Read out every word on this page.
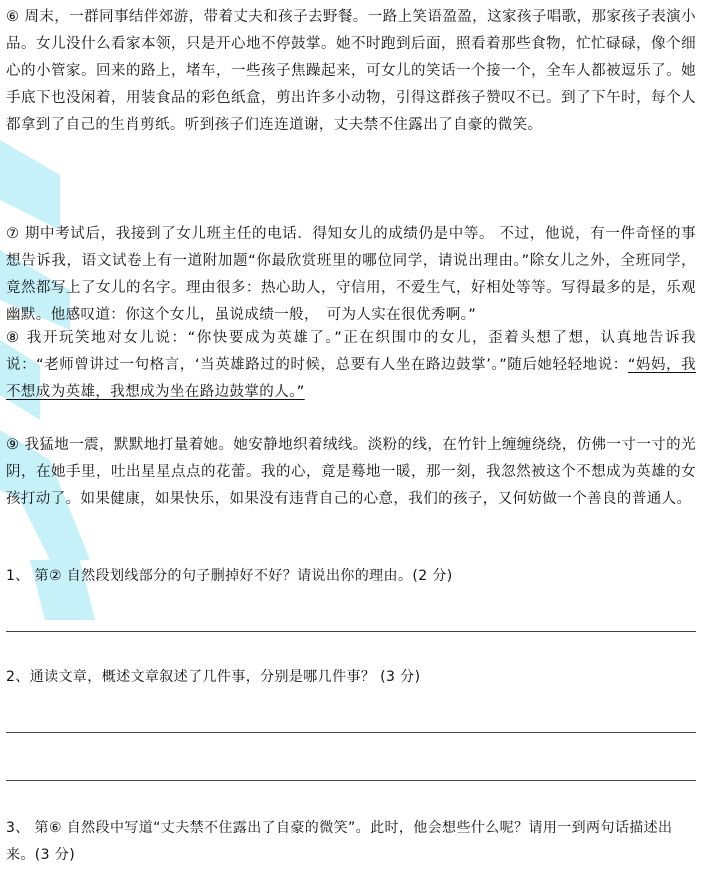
⑥ 周末，一群同事结伴郊游，带着丈夫和孩子去野餐。一路上笑语盈盈，这家孩子唱歌，那家孩子表演小品。女儿没什么看家本领，只是开心地不停鼓掌。她不时跑到后面，照看着那些食物，忙忙碌碌，像个细心的小管家。回来的路上，堵车，一些孩子焦躁起来，可女儿的笑话一个接一个，全车人都被逗乐了。她手底下也没闲着，用装食品的彩色纸盒，剪出许多小动物，引得这群孩子赞叹不已。到了下午时，每个人都拿到了自己的生肖剪纸。听到孩子们连连道谢，丈夫禁不住露出了自豪的微笑。

⑦ 期中考试后，我接到了女儿班主任的电话．得知女儿的成绩仍是中等。 不过，他说，有一件奇怪的事想告诉我，语文试卷上有一道附加题“你最欣赏班里的哪位同学，请说出理由。”除女儿之外，全班同学，竟然都写上了女儿的名字。理由很多：热心助人，守信用，不爱生气，好相处等等。写得最多的是，乐观幽默。他感叹道：你这个女儿，虽说成绩一般，　可为人实在很优秀啊。”

⑧ 我开玩笑地对女儿说：“你快要成为英雄了。”正在织围巾的女儿，歪着头想了想，认真地告诉我说：“老师曾讲过一句格言，‘当英雄路过的时候，总要有人坐在路边鼓掌’。”随后她轻轻地说：“妈妈，我不想成为英雄，我想成为坐在路边鼓掌的人。”

⑨ 我猛地一震，默默地打量着她。她安静地织着绒线。淡粉的线，在竹针上缠缠绕绕，仿佛一寸一寸的光阴，在她手里，吐出星星点点的花蕾。我的心，竟是蓦地一暖，那一刻，我忽然被这个不想成为英雄的女孩打动了。如果健康，如果快乐，如果没有违背自己的心意，我们的孩子，又何妨做一个善良的普通人。

1、 第② 自然段划线部分的句子删掉好不好？请说出你的理由。(2 分)

2、通读文章，概述文章叙述了几件事，分别是哪几件事？ (3 分)

3、 第⑥ 自然段中写道“丈夫禁不住露出了自豪的微笑”。此时，他会想些什么呢？请用一到两句话描述出来。(3 分)
